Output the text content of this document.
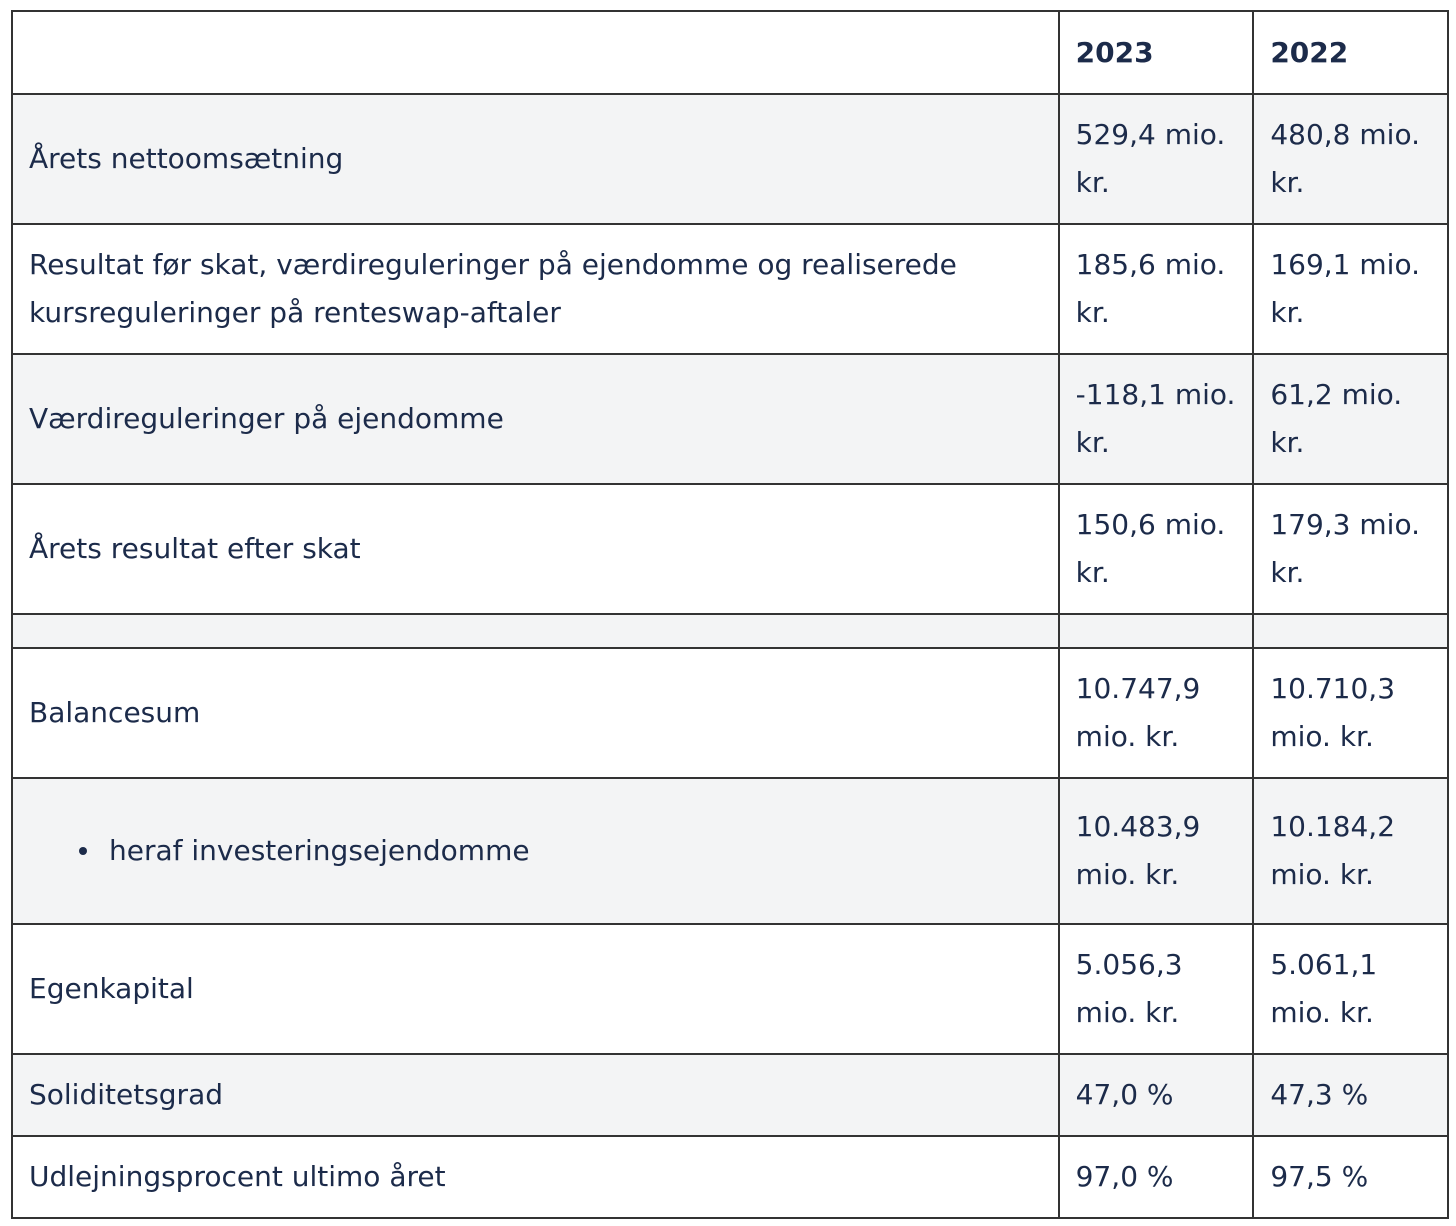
	2023	2022
Årets nettoomsætning	529,4 mio. kr.	480,8 mio. kr.
Resultat før skat, værdireguleringer på ejendomme og realiserede kursreguleringer på renteswap-aftaler	185,6 mio. kr.	169,1 mio. kr.
Værdireguleringer på ejendomme	-118,1 mio. kr.	61,2 mio. kr.
Årets resultat efter skat	150,6 mio. kr.	179,3 mio. kr.

Balancesum	10.747,9 mio. kr.	10.710,3 mio. kr.

heraf investeringsejendomme	10.483,9 mio. kr.	10.184,2 mio. kr.
Egenkapital	5.056,3 mio. kr.	5.061,1 mio. kr.
Soliditetsgrad	47,0 %	47,3 %
Udlejningsprocent ultimo året	97,0 %	97,5 %
